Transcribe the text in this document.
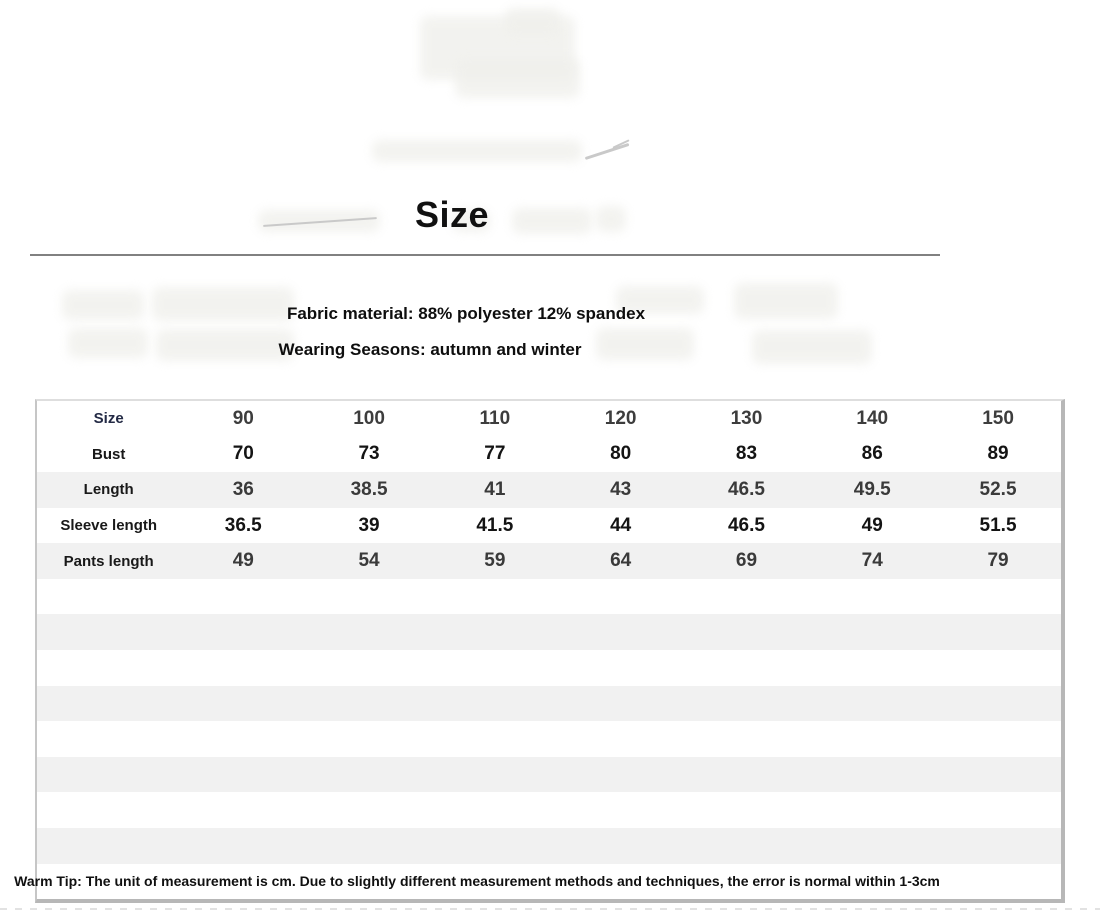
Size

Fabric material: 88% polyester 12% spandex

Wearing Seasons: autumn and winter

Size	90	100	110	120	130	140	150
Bust	70	73	77	80	83	86	89
Length	36	38.5	41	43	46.5	49.5	52.5
Sleeve length	36.5	39	41.5	44	46.5	49	51.5
Pants length	49	54	59	64	69	74	79
Warm Tip: The unit of measurement is cm. Due to slightly different measurement methods and techniques, the error is normal within 1-3cm
